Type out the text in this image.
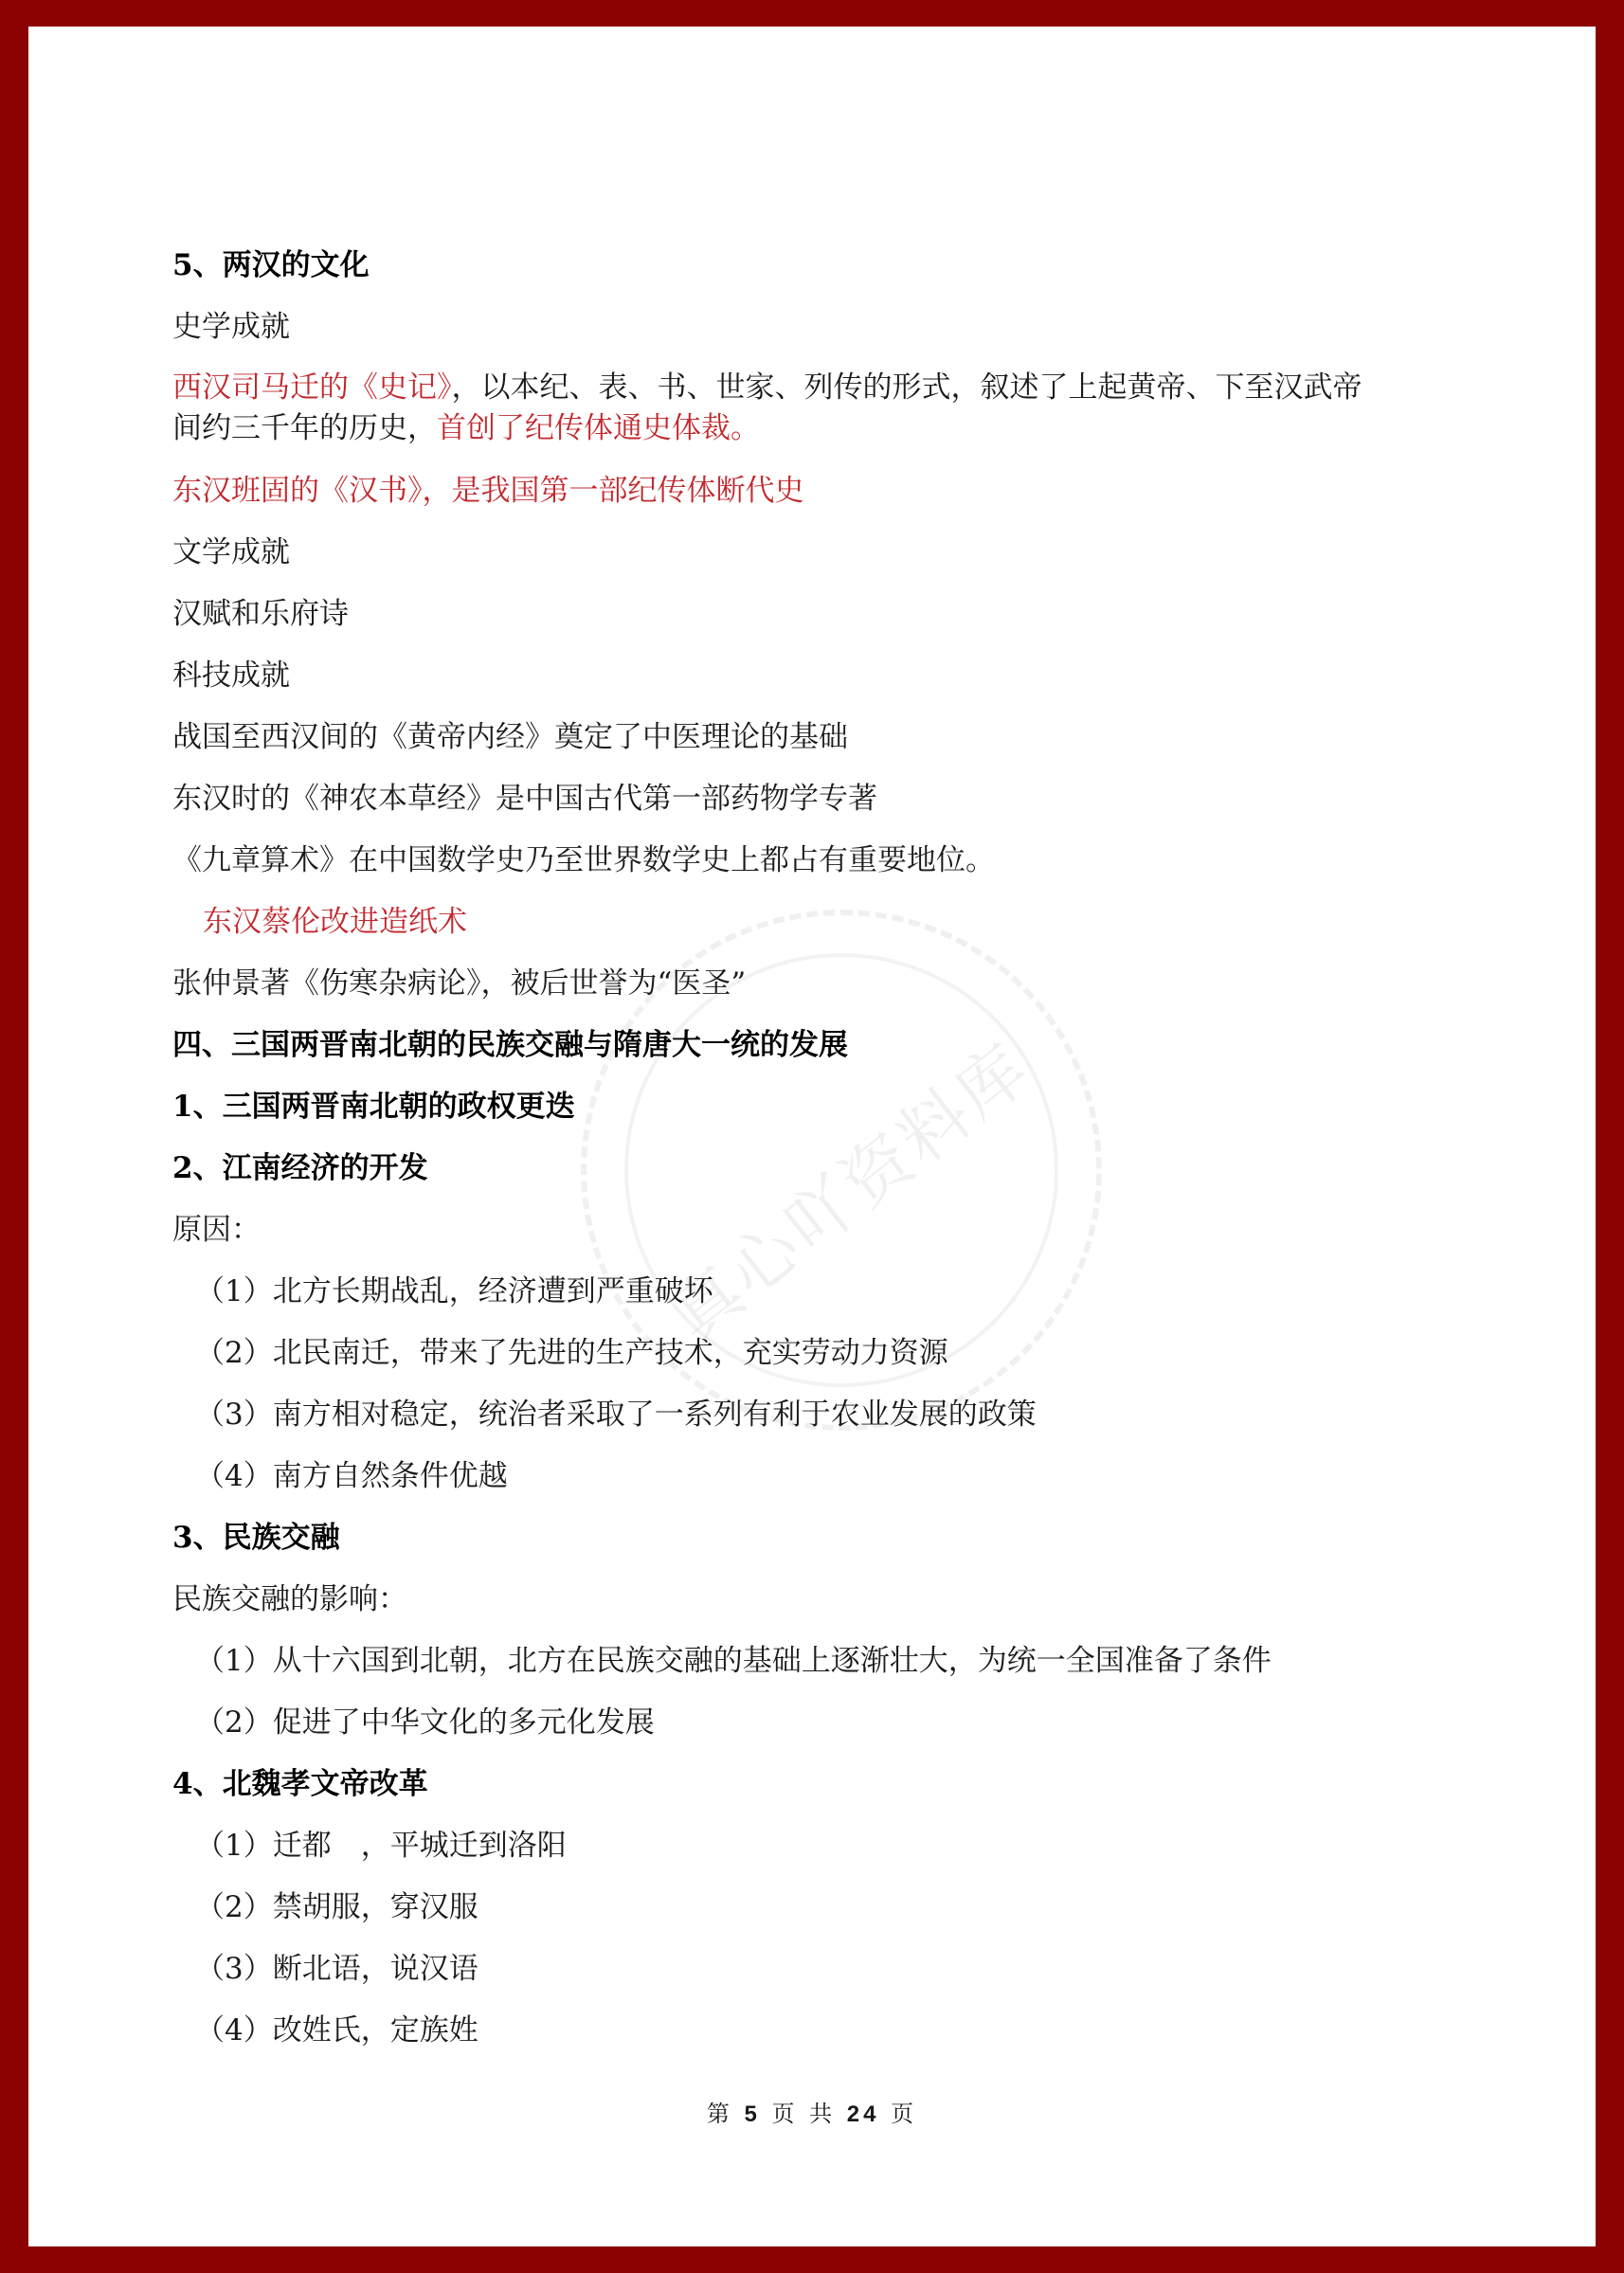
真心吖资料库
5、两汉的文化
史学成就
西汉司马迁的《史记》，以本纪、表、书、世家、列传的形式，叙述了上起黄帝、下至汉武帝
间约三千年的历史，首创了纪传体通史体裁。
东汉班固的《汉书》，是我国第一部纪传体断代史
文学成就
汉赋和乐府诗
科技成就
战国至西汉间的《黄帝内经》奠定了中医理论的基础
东汉时的《神农本草经》是中国古代第一部药物学专著
《九章算术》在中国数学史乃至世界数学史上都占有重要地位。
东汉蔡伦改进造纸术
张仲景著《伤寒杂病论》，被后世誉为“医圣”
四、三国两晋南北朝的民族交融与隋唐大一统的发展
1、三国两晋南北朝的政权更迭
2、江南经济的开发
原因：
（1）北方长期战乱，经济遭到严重破坏
（2）北民南迁，带来了先进的生产技术，充实劳动力资源
（3）南方相对稳定，统治者采取了一系列有利于农业发展的政策
（4）南方自然条件优越
3、民族交融
民族交融的影响：
（1）从十六国到北朝，北方在民族交融的基础上逐渐壮大，为统一全国准备了条件
（2）促进了中华文化的多元化发展
4、北魏孝文帝改革
（1）迁都　，平城迁到洛阳
（2）禁胡服，穿汉服
（3）断北语，说汉语
（4）改姓氏，定族姓
第 5 页 共 24 页
